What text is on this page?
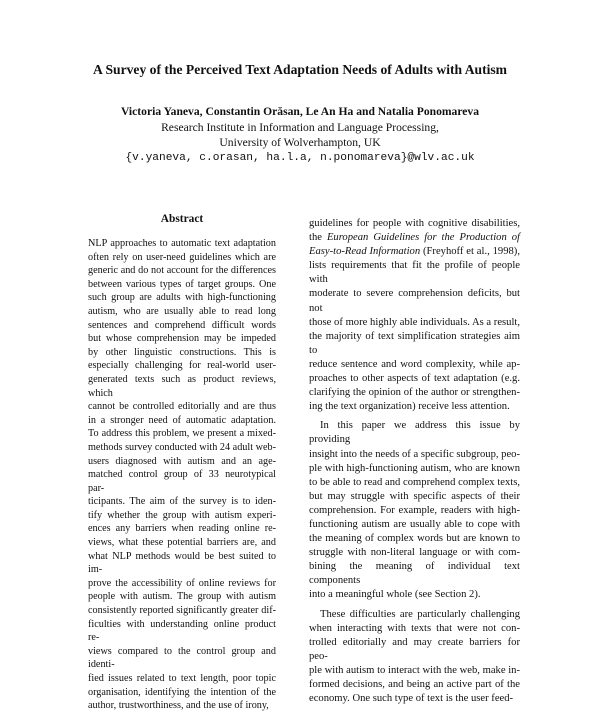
A Survey of the Perceived Text Adaptation Needs of Adults with Autism
Victoria Yaneva, Constantin Orăsan, Le An Ha and Natalia Ponomareva
Research Institute in Information and Language Processing,
University of Wolverhampton, UK
{v.yaneva, c.orasan, ha.l.a, n.ponomareva}@wlv.ac.uk
Abstract
NLP approaches to automatic text adaptation
often rely on user-need guidelines which are
generic and do not account for the differences
between various types of target groups. One
such group are adults with high-functioning
autism, who are usually able to read long
sentences and comprehend difficult words
but whose comprehension may be impeded
by other linguistic constructions. This is
especially challenging for real-world user-
generated texts such as product reviews, which
cannot be controlled editorially and are thus
in a stronger need of automatic adaptation.
To address this problem, we present a mixed-
methods survey conducted with 24 adult web-
users diagnosed with autism and an age-
matched control group of 33 neurotypical par-
ticipants. The aim of the survey is to iden-
tify whether the group with autism experi-
ences any barriers when reading online re-
views, what these potential barriers are, and
what NLP methods would be best suited to im-
prove the accessibility of online reviews for
people with autism. The group with autism
consistently reported significantly greater dif-
ficulties with understanding online product re-
views compared to the control group and identi-
fied issues related to text length, poor topic
organisation, identifying the intention of the
author, trustworthiness, and the use of irony,
guidelines for people with cognitive disabilities,
the European Guidelines for the Production of
Easy-to-Read Information (Freyhoff et al., 1998),
lists requirements that fit the profile of people with
moderate to severe comprehension deficits, but not
those of more highly able individuals. As a result,
the majority of text simplification strategies aim to
reduce sentence and word complexity, while ap-
proaches to other aspects of text adaptation (e.g.
clarifying the opinion of the author or strengthen-
ing the text organization) receive less attention.
In this paper we address this issue by providing
insight into the needs of a specific subgroup, peo-
ple with high-functioning autism, who are known
to be able to read and comprehend complex texts,
but may struggle with specific aspects of their
comprehension. For example, readers with high-
functioning autism are usually able to cope with
the meaning of complex words but are known to
struggle with non-literal language or with com-
bining the meaning of individual text components
into a meaningful whole (see Section 2).
These difficulties are particularly challenging
when interacting with texts that were not con-
trolled editorially and may create barriers for peo-
ple with autism to interact with the web, make in-
formed decisions, and being an active part of the
economy. One such type of text is the user feed-
